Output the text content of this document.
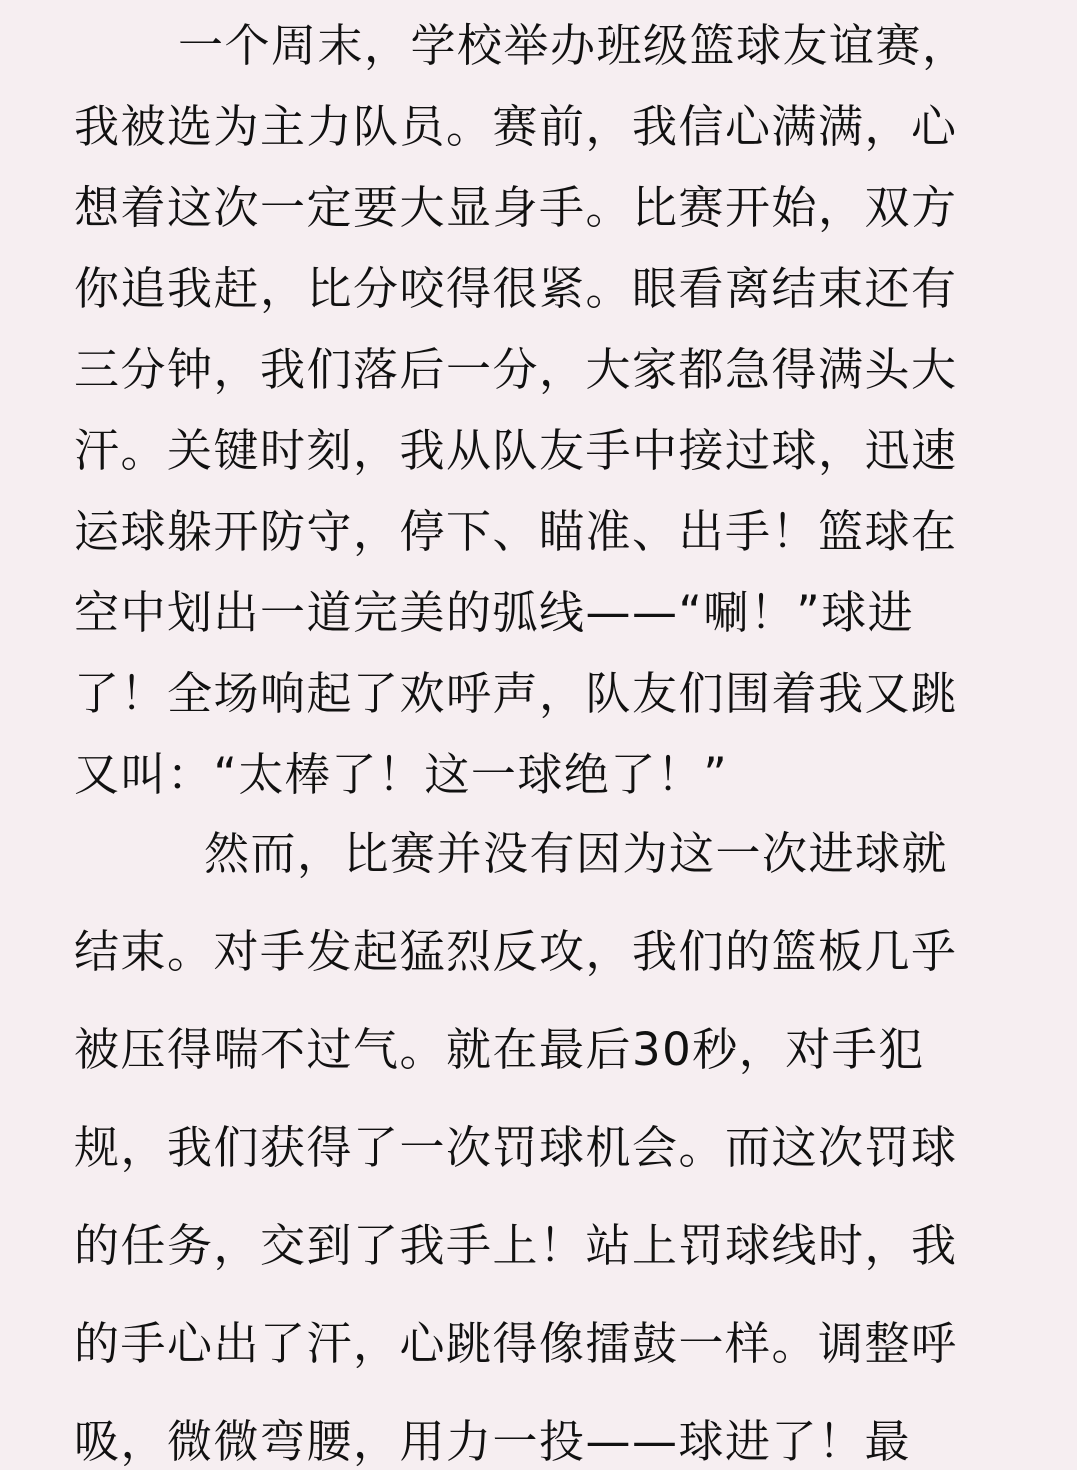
一个周末，学校举办班级篮球友谊赛，
我被选为主力队员。赛前，我信心满满，心
想着这次一定要大显身手。比赛开始，双方
你追我赶，比分咬得很紧。眼看离结束还有
三分钟，我们落后一分，大家都急得满头大
汗。关键时刻，我从队友手中接过球，迅速
运球躲开防守，停下、瞄准、出手！篮球在
空中划出一道完美的弧线——“唰！”球进
了！全场响起了欢呼声，队友们围着我又跳
又叫：“太棒了！这一球绝了！”
然而，比赛并没有因为这一次进球就
结束。对手发起猛烈反攻，我们的篮板几乎
被压得喘不过气。就在最后30秒，对手犯
规，我们获得了一次罚球机会。而这次罚球
的任务，交到了我手上！站上罚球线时，我
的手心出了汗，心跳得像擂鼓一样。调整呼
吸，微微弯腰，用力一投——球进了！最
